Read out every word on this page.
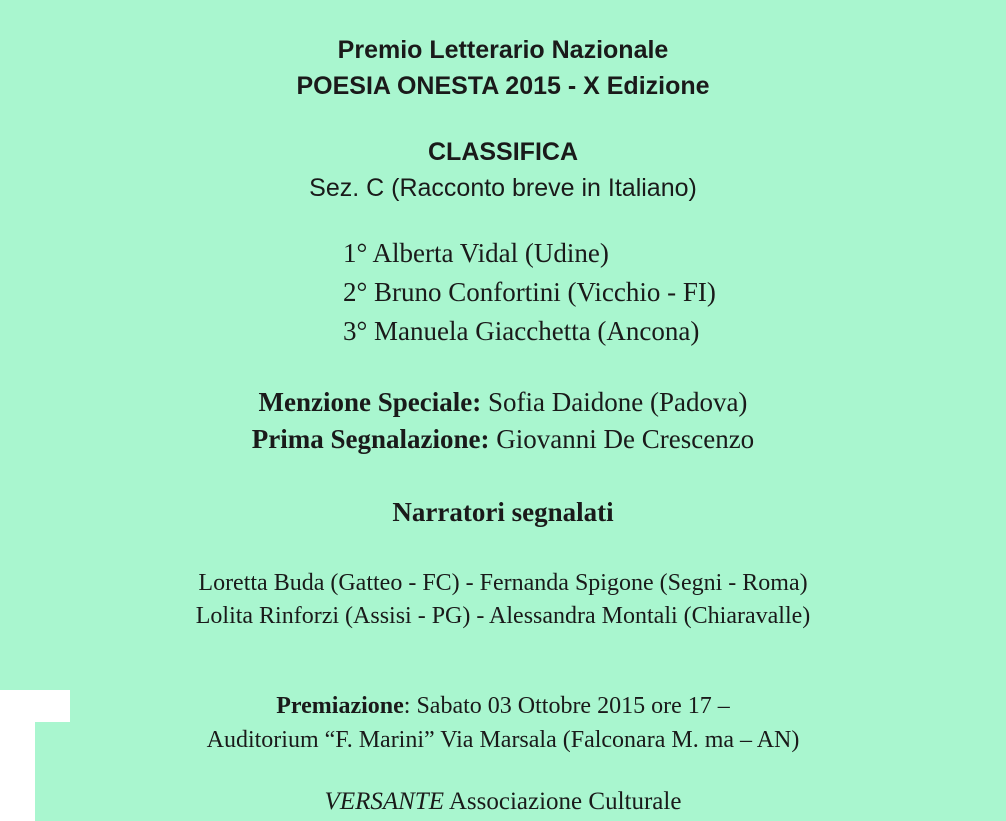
Premio Letterario Nazionale

POESIA ONESTA 2015 - X Edizione

CLASSIFICA

Sez. C (Racconto breve in Italiano)

1° Alberta Vidal (Udine)
2° Bruno Confortini (Vicchio - FI)
3° Manuela Giacchetta (Ancona)

Menzione Speciale: Sofia Daidone (Padova)

Prima Segnalazione: Giovanni De Crescenzo

Narratori segnalati

Loretta Buda (Gatteo - FC) - Fernanda Spigone (Segni - Roma)

Lolita Rinforzi (Assisi - PG) - Alessandra Montali (Chiaravalle)

Premiazione: Sabato 03 Ottobre 2015 ore 17 –

Auditorium “F. Marini” Via Marsala (Falconara M. ma – AN)

VERSANTE Associazione Culturale
